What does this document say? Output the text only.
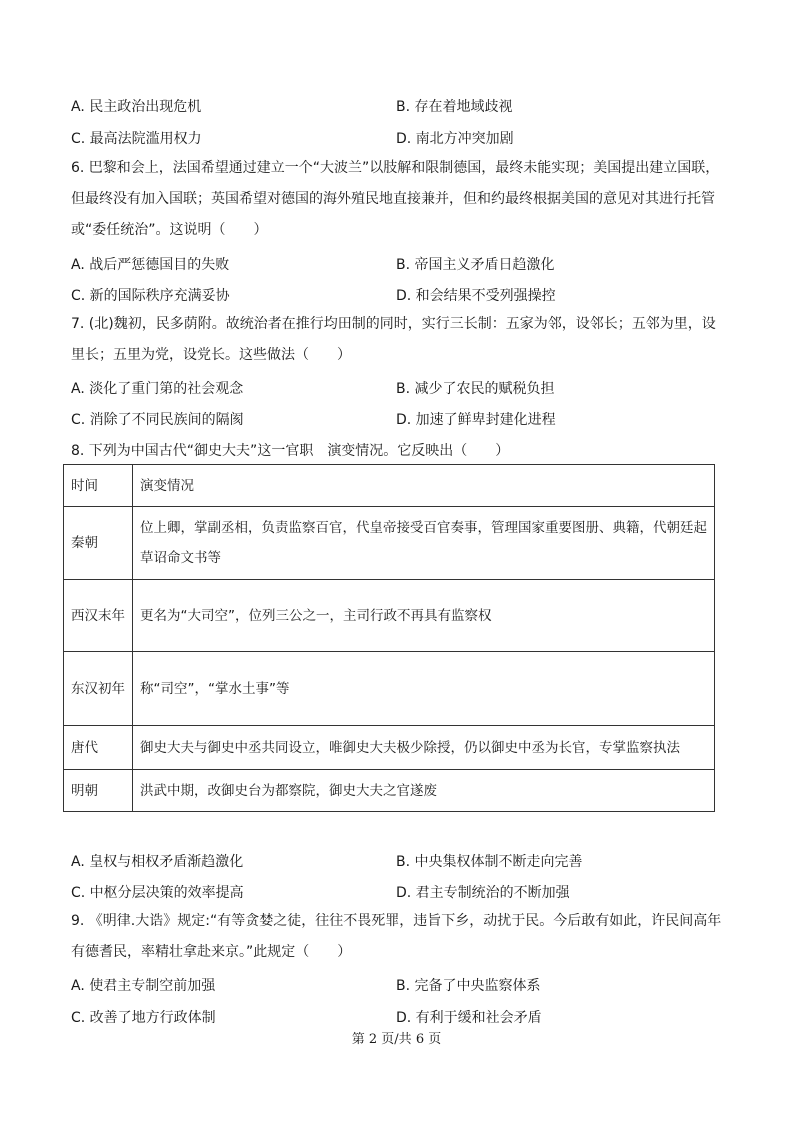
A. 民主政治出现危机	B. 存在着地域歧视
C. 最高法院滥用权力	D. 南北方冲突加剧
6. 巴黎和会上，法国希望通过建立一个“大波兰”以肢解和限制德国，最终未能实现；美国提出建立国联，但最终没有加入国联；英国希望对德国的海外殖民地直接兼并，但和约最终根据美国的意见对其进行托管或“委任统治”。这说明（　　）
A. 战后严惩德国目的失败	B. 帝国主义矛盾日趋激化
C. 新的国际秩序充满妥协	D. 和会结果不受列强操控
7. (北)魏初，民多荫附。故统治者在推行均田制的同时，实行三长制：五家为邻，设邻长；五邻为里，设里长；五里为党，设党长。这些做法（　　）
A. 淡化了重门第的社会观念	B. 减少了农民的赋税负担
C. 消除了不同民族间的隔阂	D. 加速了鲜卑封建化进程
8. 下列为中国古代“御史大夫”这一官职　演变情况。它反映出（　　）
时间	演变情况
秦朝	位上卿，掌副丞相，负责监察百官，代皇帝接受百官奏事，管理国家重要图册、典籍，代朝廷起草诏命文书等
西汉末年	更名为“大司空”，位列三公之一，主司行政不再具有监察权
东汉初年	称“司空”，“掌水土事”等
唐代	御史大夫与御史中丞共同设立，唯御史大夫极少除授，仍以御史中丞为长官，专掌监察执法
明朝	洪武中期，改御史台为都察院，御史大夫之官遂废
A. 皇权与相权矛盾渐趋激化	B. 中央集权体制不断走向完善
C. 中枢分层决策的效率提高	D. 君主专制统治的不断加强
9. 《明律.大诰》规定:“有等贪婪之徒，往往不畏死罪，违旨下乡，动扰于民。今后敢有如此，许民间高年有德耆民，率精壮拿赴来京。”此规定（　　）
A. 使君主专制空前加强	B. 完备了中央监察体系
C. 改善了地方行政体制	D. 有利于缓和社会矛盾
第 2 页/共 6 页
